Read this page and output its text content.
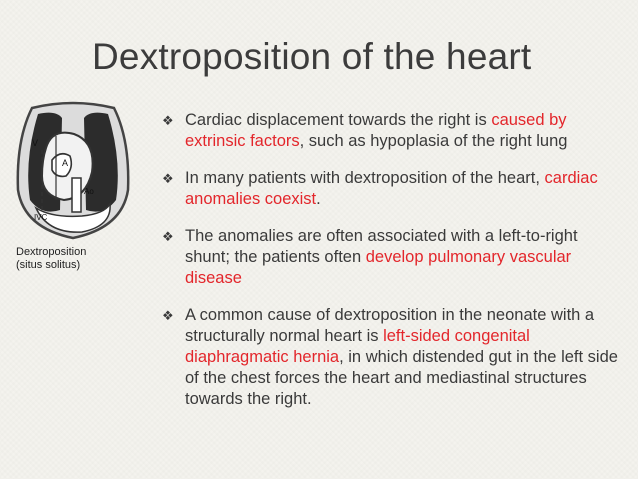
Dextroposition of the heart
V
A
Ao
IVC
Dextroposition
(situs solitus)
❖ Cardiac displacement towards the right is caused by extrinsic factors, such as hypoplasia of the right lung
❖ In many patients with dextroposition of the heart, cardiac anomalies coexist.
❖ The anomalies are often associated with a left-to-right shunt; the patients often develop pulmonary vascular disease
❖ A common cause of dextroposition in the neonate with a structurally normal heart is left-sided congenital diaphragmatic hernia, in which distended gut in the left side of the chest forces the heart and mediastinal structures towards the right.
